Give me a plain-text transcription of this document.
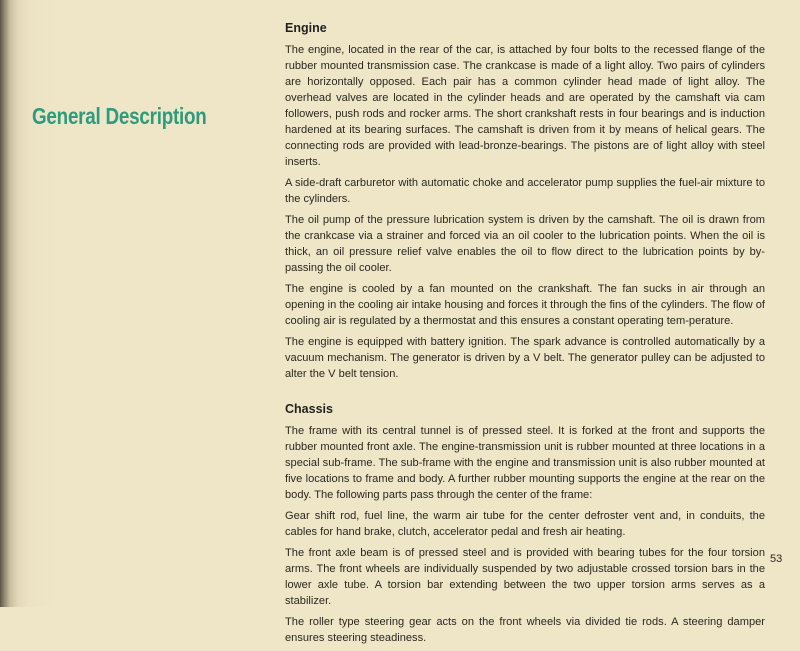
General Description
Engine

The engine, located in the rear of the car, is attached by four bolts to the recessed flange of the rubber mounted transmission case. The crankcase is made of a light alloy. Two pairs of cylinders are horizontally opposed. Each pair has a common cylinder head made of light alloy. The overhead valves are located in the cylinder heads and are operated by the camshaft via cam followers, push rods and rocker arms. The short crankshaft rests in four bearings and is induction hardened at its bearing surfaces. The camshaft is driven from it by means of helical gears. The connecting rods are provided with lead-bronze-bearings. The pistons are of light alloy with steel inserts.

A side-draft carburetor with automatic choke and accelerator pump supplies the fuel-air mixture to the cylinders.

The oil pump of the pressure lubrication system is driven by the camshaft. The oil is drawn from the crankcase via a strainer and forced via an oil cooler to the lubrication points. When the oil is thick, an oil pressure relief valve enables the oil to flow direct to the lubrication points by by-passing the oil cooler.

The engine is cooled by a fan mounted on the crankshaft. The fan sucks in air through an opening in the cooling air intake housing and forces it through the fins of the cylinders. The flow of cooling air is regulated by a thermostat and this ensures a constant operating tem-perature.

The engine is equipped with battery ignition. The spark advance is controlled automatically by a vacuum mechanism. The generator is driven by a V belt. The generator pulley can be adjusted to alter the V belt tension.

Chassis

The frame with its central tunnel is of pressed steel. It is forked at the front and supports the rubber mounted front axle. The engine-transmission unit is rubber mounted at three locations in a special sub-frame. The sub-frame with the engine and transmission unit is also rubber mounted at five locations to frame and body. A further rubber mounting supports the engine at the rear on the body. The following parts pass through the center of the frame:

Gear shift rod, fuel line, the warm air tube for the center defroster vent and, in conduits, the cables for hand brake, clutch, accelerator pedal and fresh air heating.

The front axle beam is of pressed steel and is provided with bearing tubes for the four torsion arms. The front wheels are individually suspended by two adjustable crossed torsion bars in the lower axle tube. A torsion bar extending between the two upper torsion arms serves as a stabilizer.

The roller type steering gear acts on the front wheels via divided tie rods. A steering damper ensures steering steadiness.

53
